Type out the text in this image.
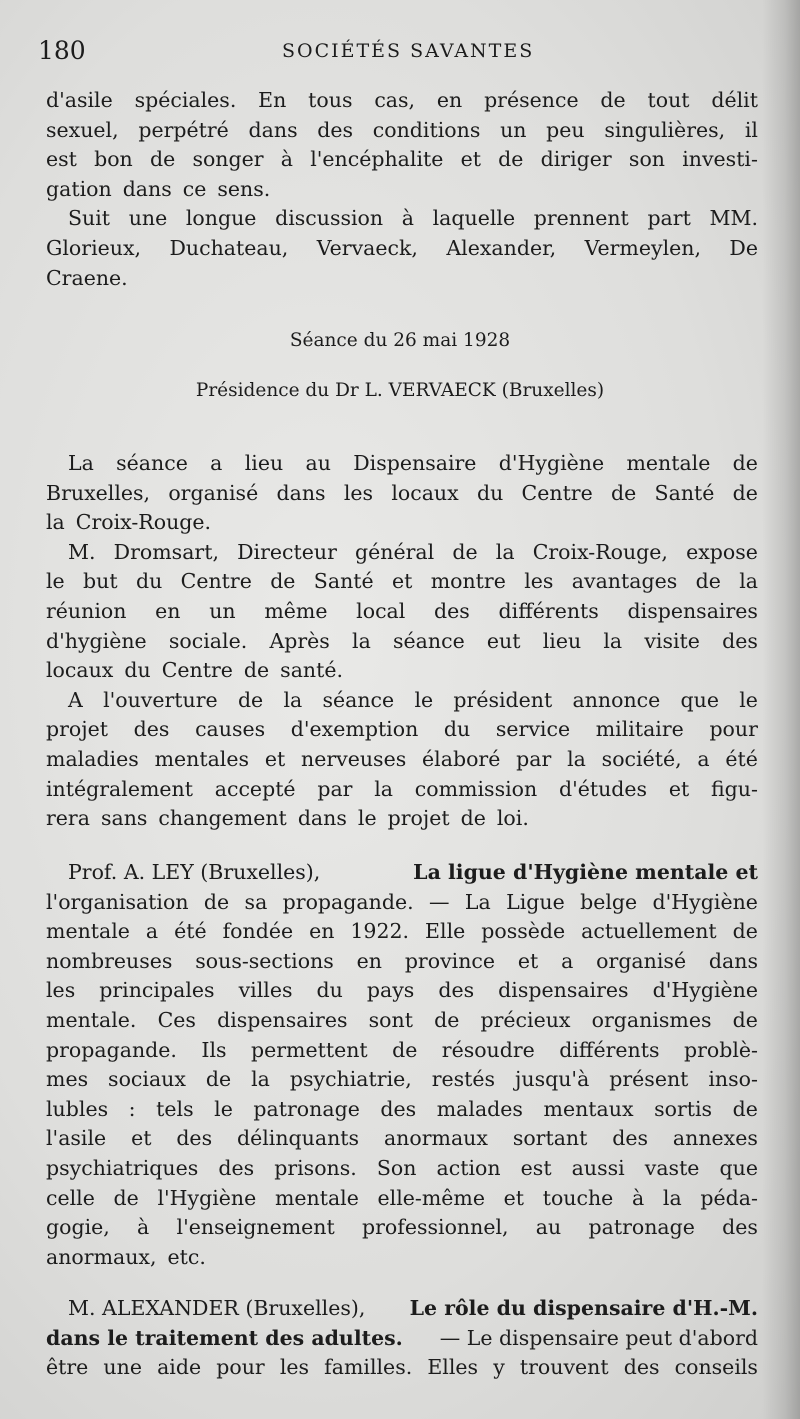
180	SOCIÉTÉS SAVANTES
d'asile spéciales. En tous cas, en présence de tout délit
sexuel, perpétré dans des conditions un peu singulières, il
est bon de songer à l'encéphalite et de diriger son investi-
gation dans ce sens.
Suit une longue discussion à laquelle prennent part MM.
Glorieux, Duchateau, Vervaeck, Alexander, Vermeylen, De
Craene.
Séance du 26 mai 1928
Présidence du Dr L. VERVAECK (Bruxelles)
La séance a lieu au Dispensaire d'Hygiène mentale de
Bruxelles, organisé dans les locaux du Centre de Santé de
la Croix-Rouge.
M. Dromsart, Directeur général de la Croix-Rouge, expose
le but du Centre de Santé et montre les avantages de la
réunion en un même local des différents dispensaires
d'hygiène sociale. Après la séance eut lieu la visite des
locaux du Centre de santé.
A l'ouverture de la séance le président annonce que le
projet des causes d'exemption du service militaire pour
maladies mentales et nerveuses élaboré par la société, a été
intégralement accepté par la commission d'études et figu-
rera sans changement dans le projet de loi.
Prof. A. LEY (Bruxelles),	La ligue d'Hygiène mentale et
l'organisation de sa propagande. — La Ligue belge d'Hygiène
mentale a été fondée en 1922. Elle possède actuellement de
nombreuses sous-sections en province et a organisé dans
les principales villes du pays des dispensaires d'Hygiène
mentale. Ces dispensaires sont de précieux organismes de
propagande. Ils permettent de résoudre différents problè-
mes sociaux de la psychiatrie, restés jusqu'à présent inso-
lubles : tels le patronage des malades mentaux sortis de
l'asile et des délinquants anormaux sortant des annexes
psychiatriques des prisons. Son action est aussi vaste que
celle de l'Hygiène mentale elle-même et touche à la péda-
gogie, à l'enseignement professionnel, au patronage des
anormaux, etc.
M. ALEXANDER (Bruxelles), Le rôle du dispensaire d'H.-M.
dans le traitement des adultes. — Le dispensaire peut d'abord
être une aide pour les familles. Elles y trouvent des conseils
